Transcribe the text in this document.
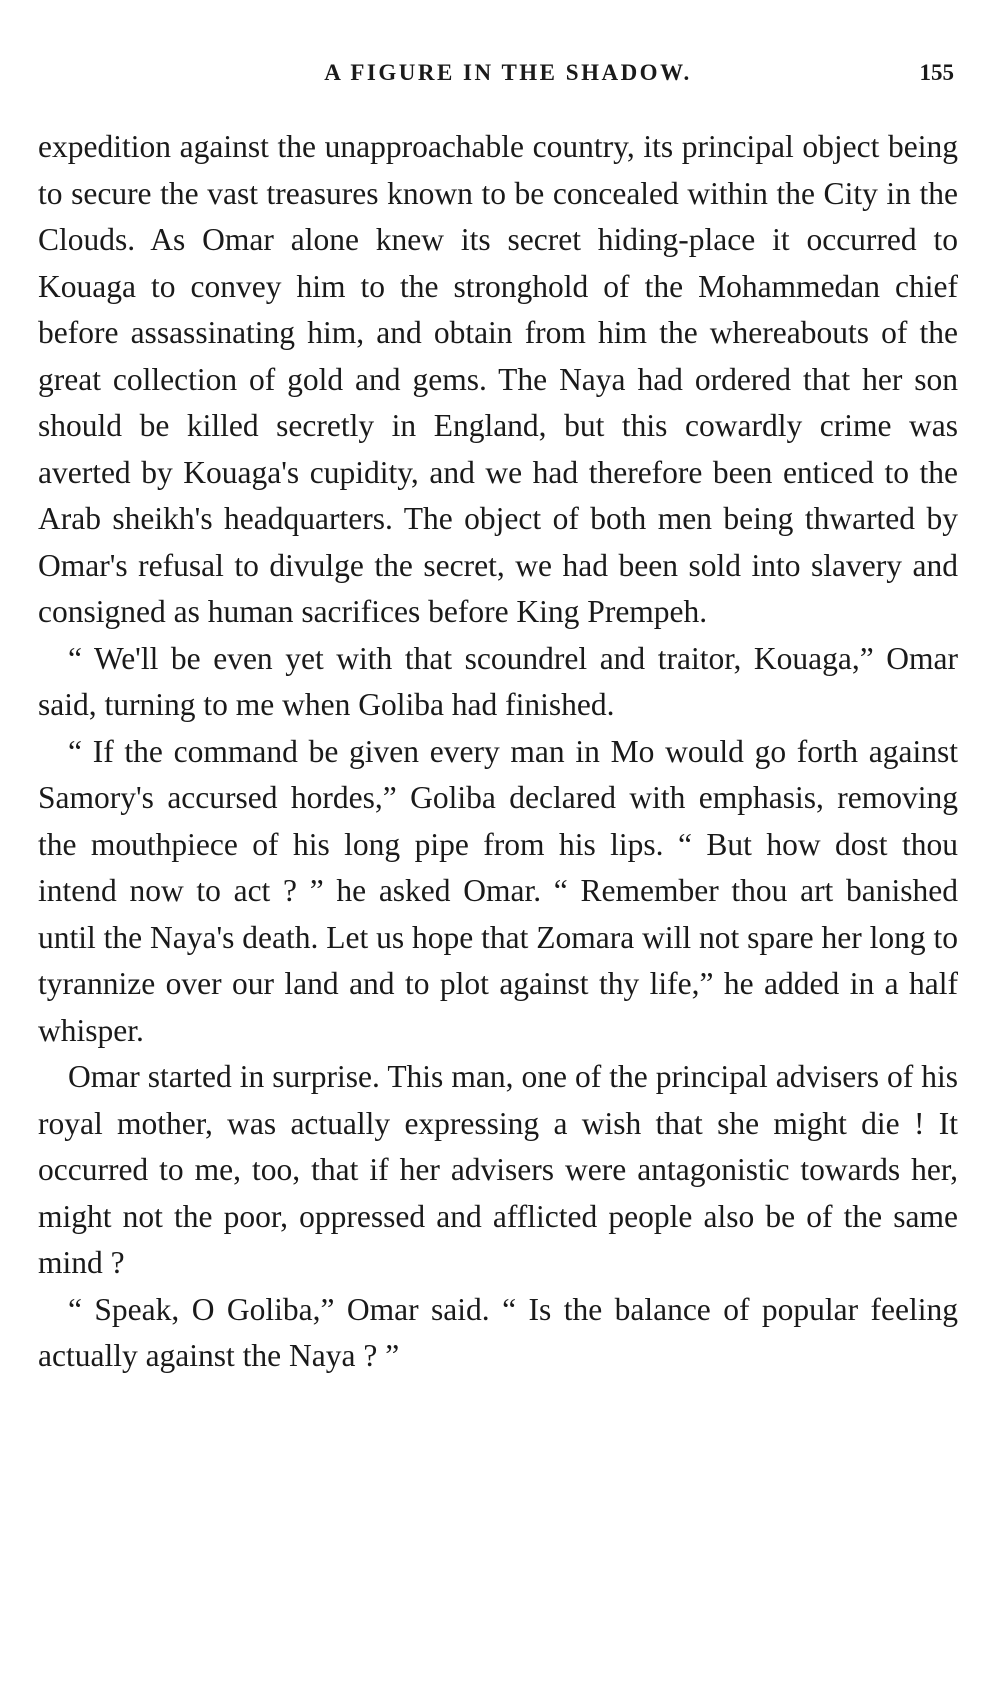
A FIGURE IN THE SHADOW.	155

expedition against the unapproachable country, its principal object being to secure the vast treasures known to be concealed within the City in the Clouds. As Omar alone knew its secret hiding-place it occurred to Kouaga to convey him to the stronghold of the Mohammedan chief before assassinating him, and obtain from him the whereabouts of the great collection of gold and gems. The Naya had ordered that her son should be killed secretly in England, but this cowardly crime was averted by Kouaga's cupidity, and we had therefore been enticed to the Arab sheikh's headquarters. The object of both men being thwarted by Omar's refusal to divulge the secret, we had been sold into slavery and consigned as human sacrifices before King Prempeh.

“ We'll be even yet with that scoundrel and traitor, Kouaga,” Omar said, turning to me when Goliba had finished.

“ If the command be given every man in Mo would go forth against Samory's accursed hordes,” Goliba declared with emphasis, removing the mouthpiece of his long pipe from his lips. “ But how dost thou intend now to act ? ” he asked Omar. “ Remember thou art banished until the Naya's death. Let us hope that Zomara will not spare her long to tyrannize over our land and to plot against thy life,” he added in a half whisper.

Omar started in surprise. This man, one of the principal advisers of his royal mother, was actually expressing a wish that she might die ! It occurred to me, too, that if her advisers were antagonistic towards her, might not the poor, oppressed and afflicted people also be of the same mind ?

“ Speak, O Goliba,” Omar said. “ Is the balance of popular feeling actually against the Naya ? ”
